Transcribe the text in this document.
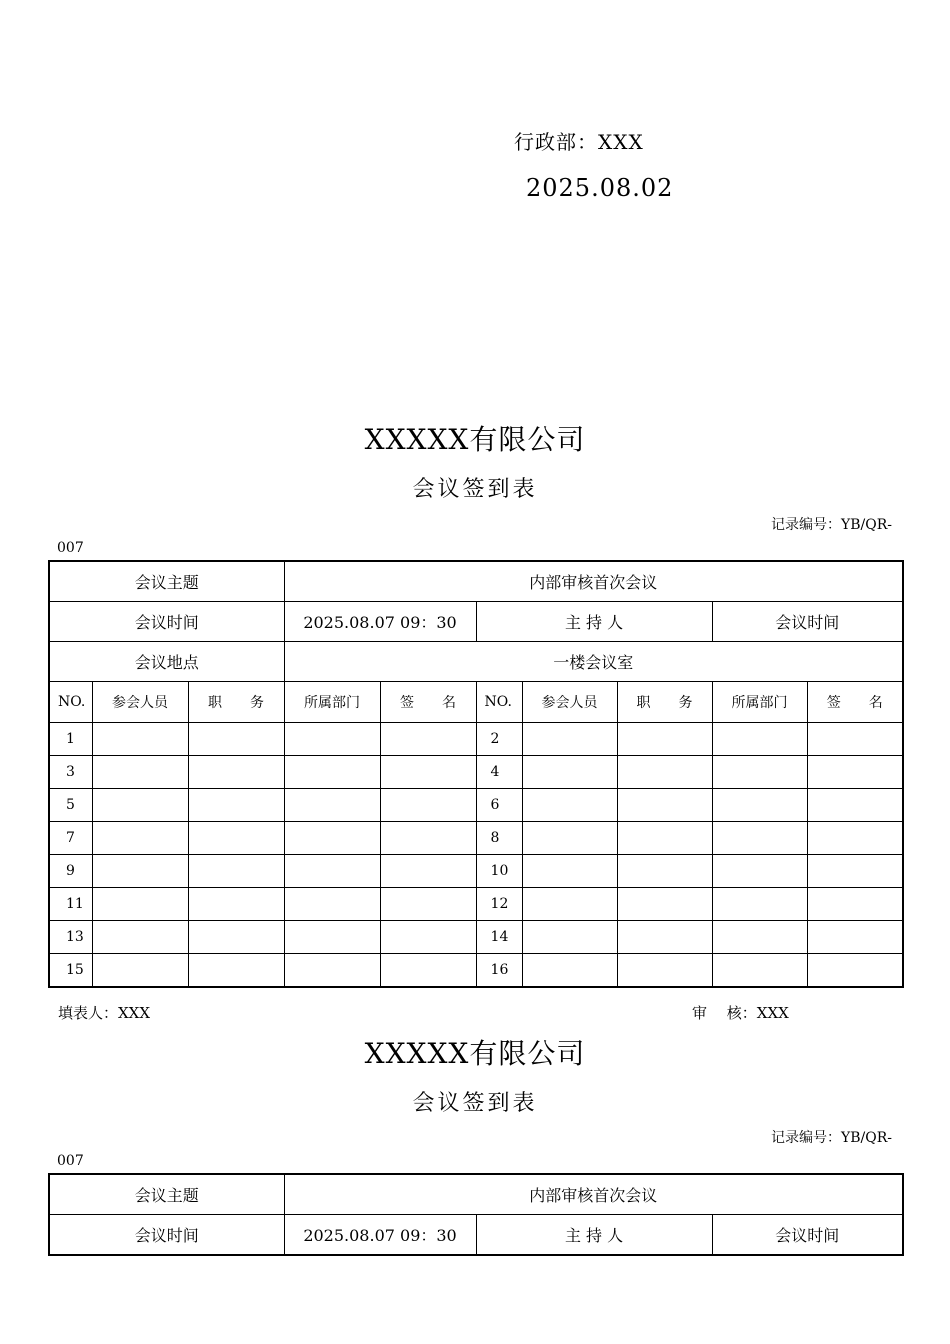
行政部：XXX
2025.08.02
XXXXX有限公司
会议签到表
记录编号：YB/QR-
007
会议主题			内部审核首次会议						
会议时间			2025.08.07 09：30		主 持 人			会议时间	
会议地点			一楼会议室						
NO.	参会人员	职　　务	所属部门	签　　名	NO.	参会人员	职　　务	所属部门	签　　名
1					2				
3					4				
5					6				
7					8				
9					10				
11					12				
13					14				
15					16				
填表人：XXX	审　 核：XXX
XXXXX有限公司
会议签到表
记录编号：YB/QR-
007
会议主题	内部审核首次会议		
会议时间	2025.08.07 09：30	主 持 人	会议时间
